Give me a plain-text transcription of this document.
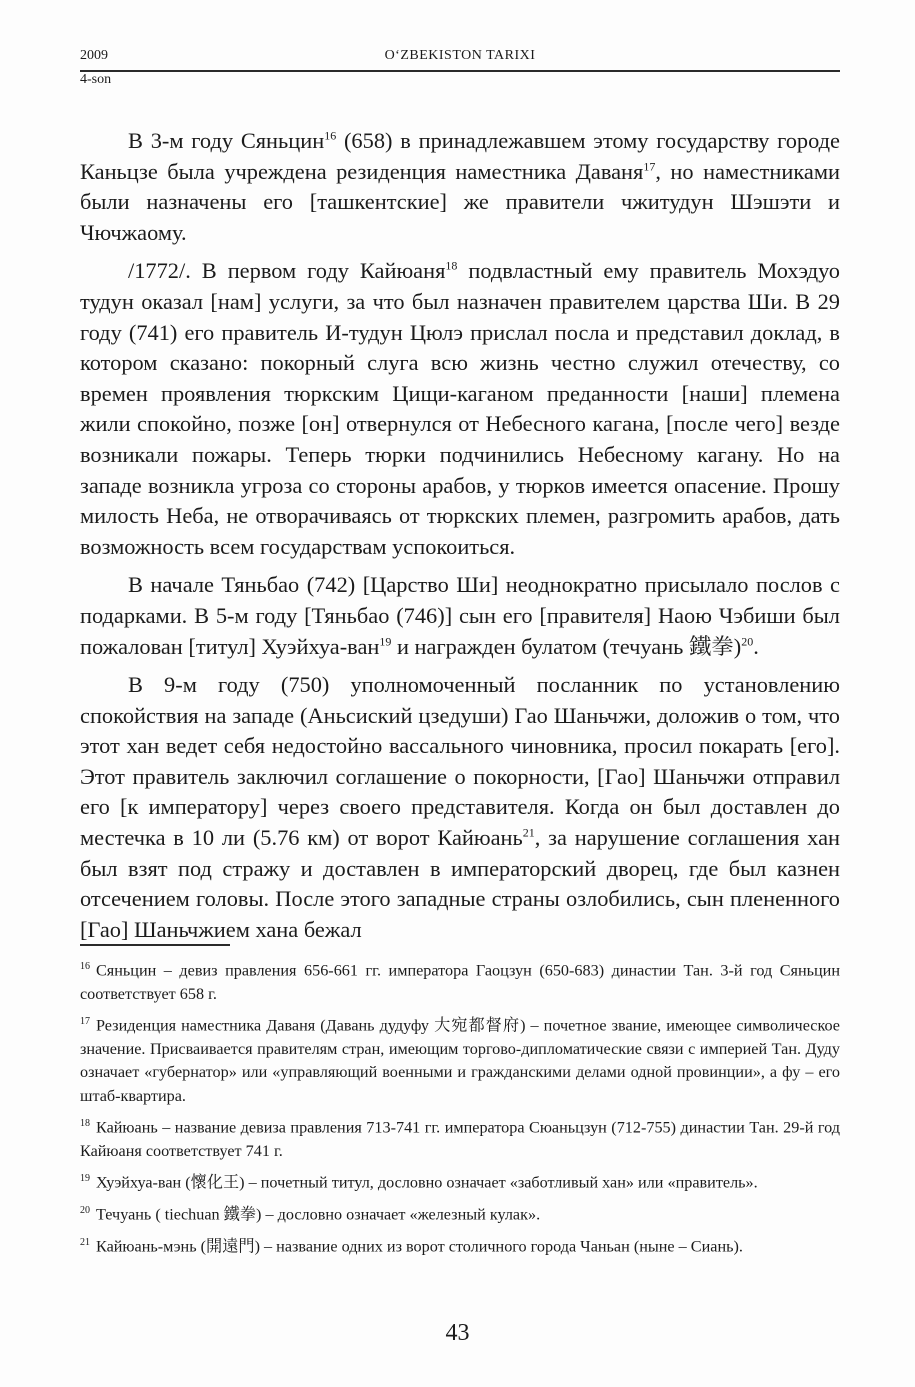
2009	O‘ZBEKISTON TARIXI
4-son

В 3-м году Сяньцин$^{16}$ (658) в принадлежавшем этому государству городе Каньцзе была учреждена резиденция наместника Даваня$^{17}$, но наместниками были назначены его [ташкентские] же правители чжитудун Шэшэти и Чючжаому.

/1772/. В первом году Кайюаня$^{18}$ подвластный ему правитель Мохэдуо тудун оказал [нам] услуги, за что был назначен правителем царства Ши. В 29 году (741) его правитель И-тудун Цюлэ прислал посла и представил доклад, в котором сказано: покорный слуга всю жизнь честно служил отечеству, со времен проявления тюркским Цищи-каганом преданности [наши] племена жили спокойно, позже [он] отвернулся от Небесного кагана, [после чего] везде возникали пожары. Теперь тюрки подчинились Небесному кагану. Но на западе возникла угроза со стороны арабов, у тюрков имеется опасение. Прошу милость Неба, не отворачиваясь от тюркских племен, разгромить арабов, дать возможность всем государствам успокоиться.

В начале Тяньбао (742) [Царство Ши] неоднократно присылало послов с подарками. В 5-м году [Тяньбао (746)] сын его [правителя] Наою Чэбиши был пожалован [титул] Хуэйхуа-ван$^{19}$ и награжден булатом (течуань 鐵拳)$^{20}$.

В 9-м году (750) уполномоченный посланник по установлению спокойствия на западе (Аньсиский цзедуши) Гао Шаньчжи, доложив о том, что этот хан ведет себя недостойно вассального чиновника, просил покарать [его]. Этот правитель заключил соглашение о покорности, [Гао] Шаньчжи отправил его [к императору] через своего представителя. Когда он был доставлен до местечка в 10 ли (5.76 км) от ворот Кайюань$^{21}$, за нарушение соглашения хан был взят под стражу и доставлен в императорский дворец, где был казнен отсечением головы. После этого западные страны озлобились, сын плененного [Гао] Шаньчжием хана бежал

$^{16}$ Сяньцин – девиз правления 656-661 гг. императора Гаоцзун (650-683) династии Тан. 3-й год Сяньцин соответствует 658 г.
$^{17}$ Резиденция наместника Даваня (Давань дудуфу 大宛都督府) – почетное звание, имеющее символическое значение. Присваивается правителям стран, имеющим торгово-дипломатические связи с империей Тан. Дуду означает «губернатор» или «управляющий военными и гражданскими делами одной провинции», а фу – его штаб-квартира.
$^{18}$ Кайюань – название девиза правления 713-741 гг. императора Сюаньцзун (712-755) династии Тан. 29-й год Кайюаня соответствует 741 г.
$^{19}$ Хуэйхуа-ван (懷化王) – почетный титул, дословно означает «заботливый хан» или «правитель».
$^{20}$ Течуань ( tiechuan 鐵拳) – дословно означает «железный кулак».
$^{21}$ Кайюань-мэнь (開遠門) – название одних из ворот столичного города Чаньан (ныне – Сиань).
43
